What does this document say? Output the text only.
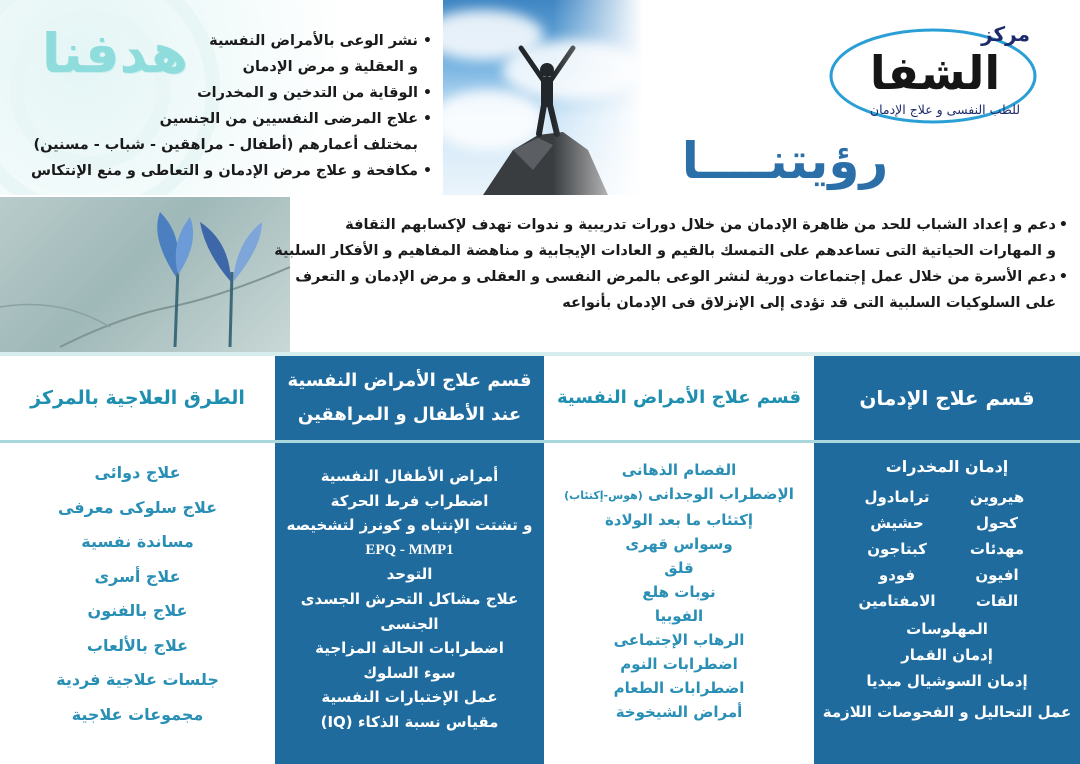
هدفنا
•	نشر الوعى بالأمراض النفسية
و العقلية و مرض الإدمان
• الوقاية من التدخين و المخدرات
• علاج المرضى النفسيين من الجنسين
بمختلف أعمارهم (أطفال - مراهقين - شباب - مسنين)
• مكافحة و علاج مرض الإدمان و التعاطى و منع الإنتكاس
مركز
الشفا
للطب النفسى و علاج الإدمان
رؤيتنــــا
• دعم و إعداد الشباب للحد من ظاهرة الإدمان من خلال دورات تدريبية و ندوات تهدف لإكسابهم الثقافة
و المهارات الحياتية التى تساعدهم على التمسك بالقيم و العادات الإيجابية و مناهضة المفاهيم و الأفكار السلبية
• دعم الأسرة من خلال عمل إجتماعات دورية لنشر الوعى بالمرض النفسى و العقلى و مرض الإدمان و التعرف
على السلوكيات السلبية التى قد تؤدى إلى الإنزلاق فى الإدمان بأنواعه
قسم علاج الإدمان
إدمان المخدرات
هيروين
ترامادول
كحول
حشيش
مهدئات
كبتاجون
افيون
فودو
القات
الامفتامين
المهلوسات
إدمان القمار
إدمان السوشيال ميديا
عمل التحاليل و الفحوصات اللازمة
قسم علاج الأمراض النفسية
الفصام الذهانى
الإضطراب الوجدانى (هوس-إكتئاب)
إكتئاب ما بعد الولادة
وسواس قهرى
قلق
نوبات هلع
الفوبيا
الرهاب الإجتماعى
اضطرابات النوم
اضطرابات الطعام
أمراض الشيخوخة
قسم علاج الأمراض النفسية
عند الأطفال و المراهقين
أمراض الأطفال النفسية
اضطراب فرط الحركة
و تشتت الإنتباه و كونرز لتشخيصه
EPQ - MMP1
التوحد
علاج مشاكل التحرش الجسدى الجنسى
اضطرابات الحالة المزاجية
سوء السلوك
عمل الإختبارات النفسية
مقياس نسبة الذكاء (IQ)
الطرق العلاجية بالمركز
علاج دوائى
علاج سلوكى معرفى
مساندة نفسية
علاج أسرى
علاج بالفنون
علاج بالألعاب
جلسات علاجية فردية
مجموعات علاجية
